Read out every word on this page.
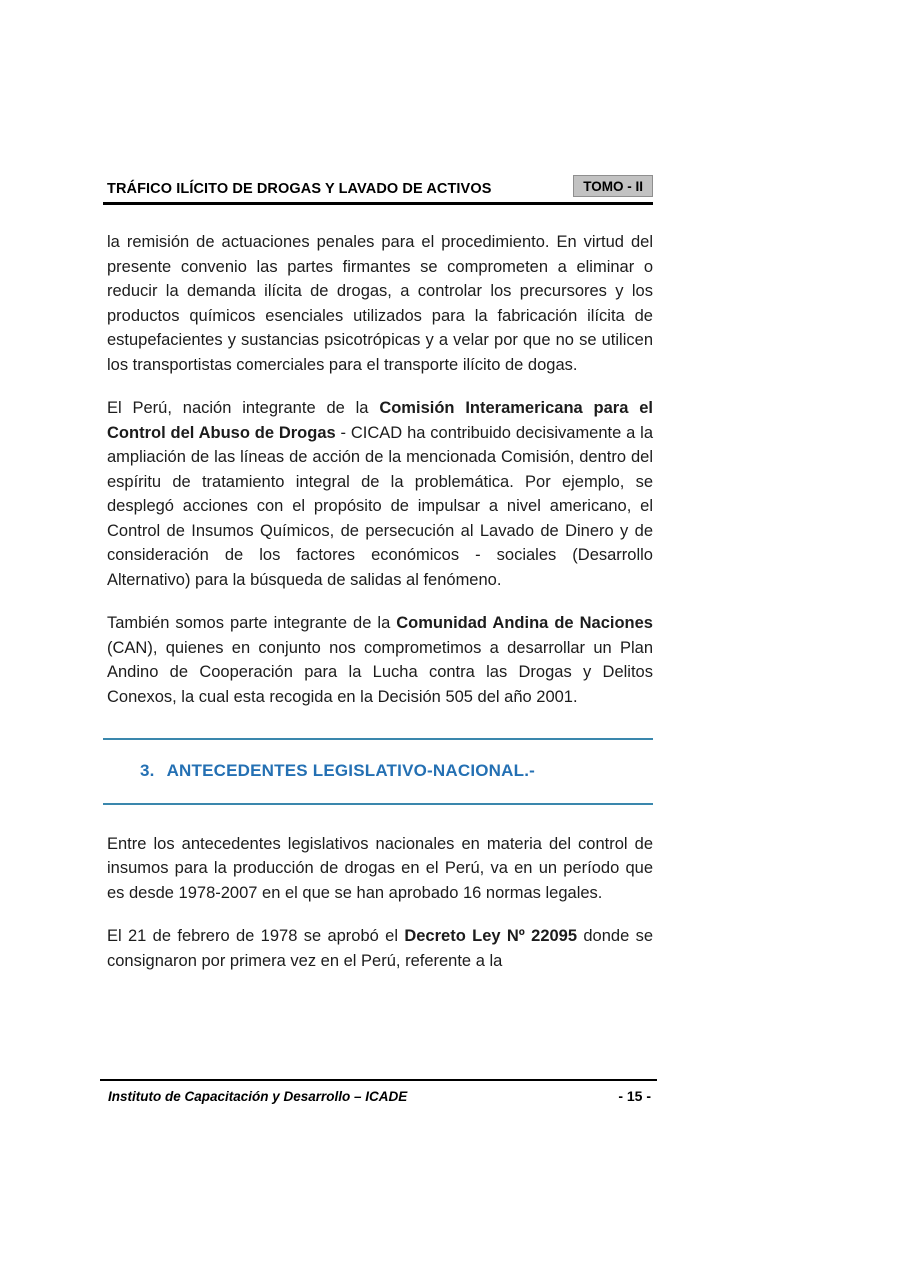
TRÁFICO ILÍCITO DE DROGAS Y LAVADO DE ACTIVOS	TOMO - II

la remisión de actuaciones penales para el procedimiento. En virtud del presente convenio las partes firmantes se comprometen a eliminar o reducir la demanda ilícita de drogas, a controlar los precursores y los productos químicos esenciales utilizados para la fabricación ilícita de estupefacientes y sustancias psicotrópicas y a velar por que no se utilicen los transportistas comerciales para el transporte ilícito de dogas.

El Perú, nación integrante de la Comisión Interamericana para el Control del Abuso de Drogas - CICAD ha contribuido decisivamente a la ampliación de las líneas de acción de la mencionada Comisión, dentro del espíritu de tratamiento integral de la problemática. Por ejemplo, se desplegó acciones con el propósito de impulsar a nivel americano, el Control de Insumos Químicos, de persecución al Lavado de Dinero y de consideración de los factores económicos - sociales (Desarrollo Alternativo) para la búsqueda de salidas al fenómeno.

También somos parte integrante de la Comunidad Andina de Naciones (CAN), quienes en conjunto nos comprometimos a desarrollar un Plan Andino de Cooperación para la Lucha contra las Drogas y Delitos Conexos, la cual esta recogida en la Decisión 505 del año 2001.

3. ANTECEDENTES LEGISLATIVO-NACIONAL.-

Entre los antecedentes legislativos nacionales en materia del control de insumos para la producción de drogas en el Perú, va en un período que es desde 1978-2007 en el que se han aprobado 16 normas legales.

El 21 de febrero de 1978 se aprobó el Decreto Ley Nº 22095 donde se consignaron por primera vez en el Perú, referente a la

Instituto de Capacitación y Desarrollo – ICADE	- 15 -
